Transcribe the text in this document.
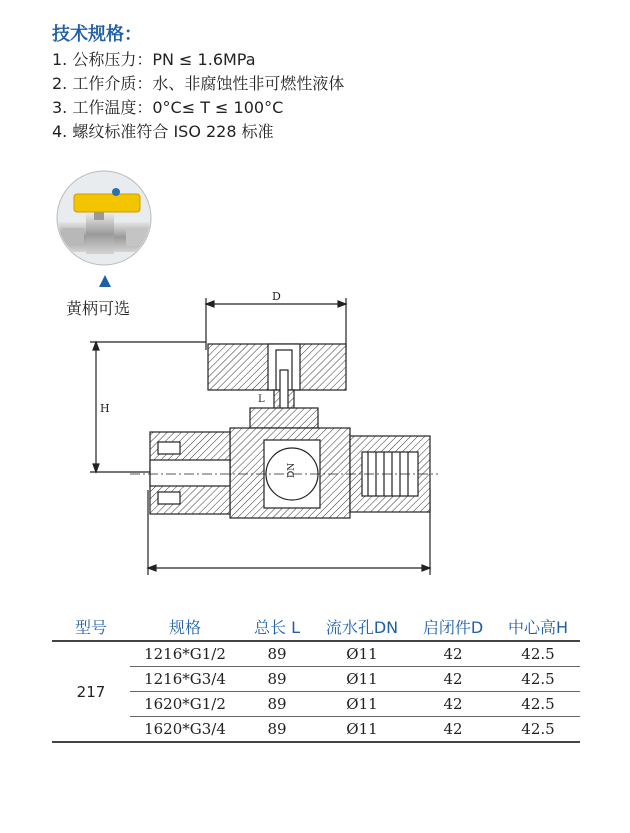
技术规格：
1. 公称压力：PN ≤ 1.6MPa
2. 工作介质：水、非腐蚀性非可燃性液体
3. 工作温度：0°C≤ T ≤ 100°C
4. 螺纹标准符合 ISO 228 标准
黄柄可选
D
H
L
DN
型号	规格	总长 L	流水孔DN	启闭件D	中心高H
217	1216*G1/2	89	Ø11	42	42.5
	1216*G3/4	89	Ø11	42	42.5
	1620*G1/2	89	Ø11	42	42.5
	1620*G3/4	89	Ø11	42	42.5
